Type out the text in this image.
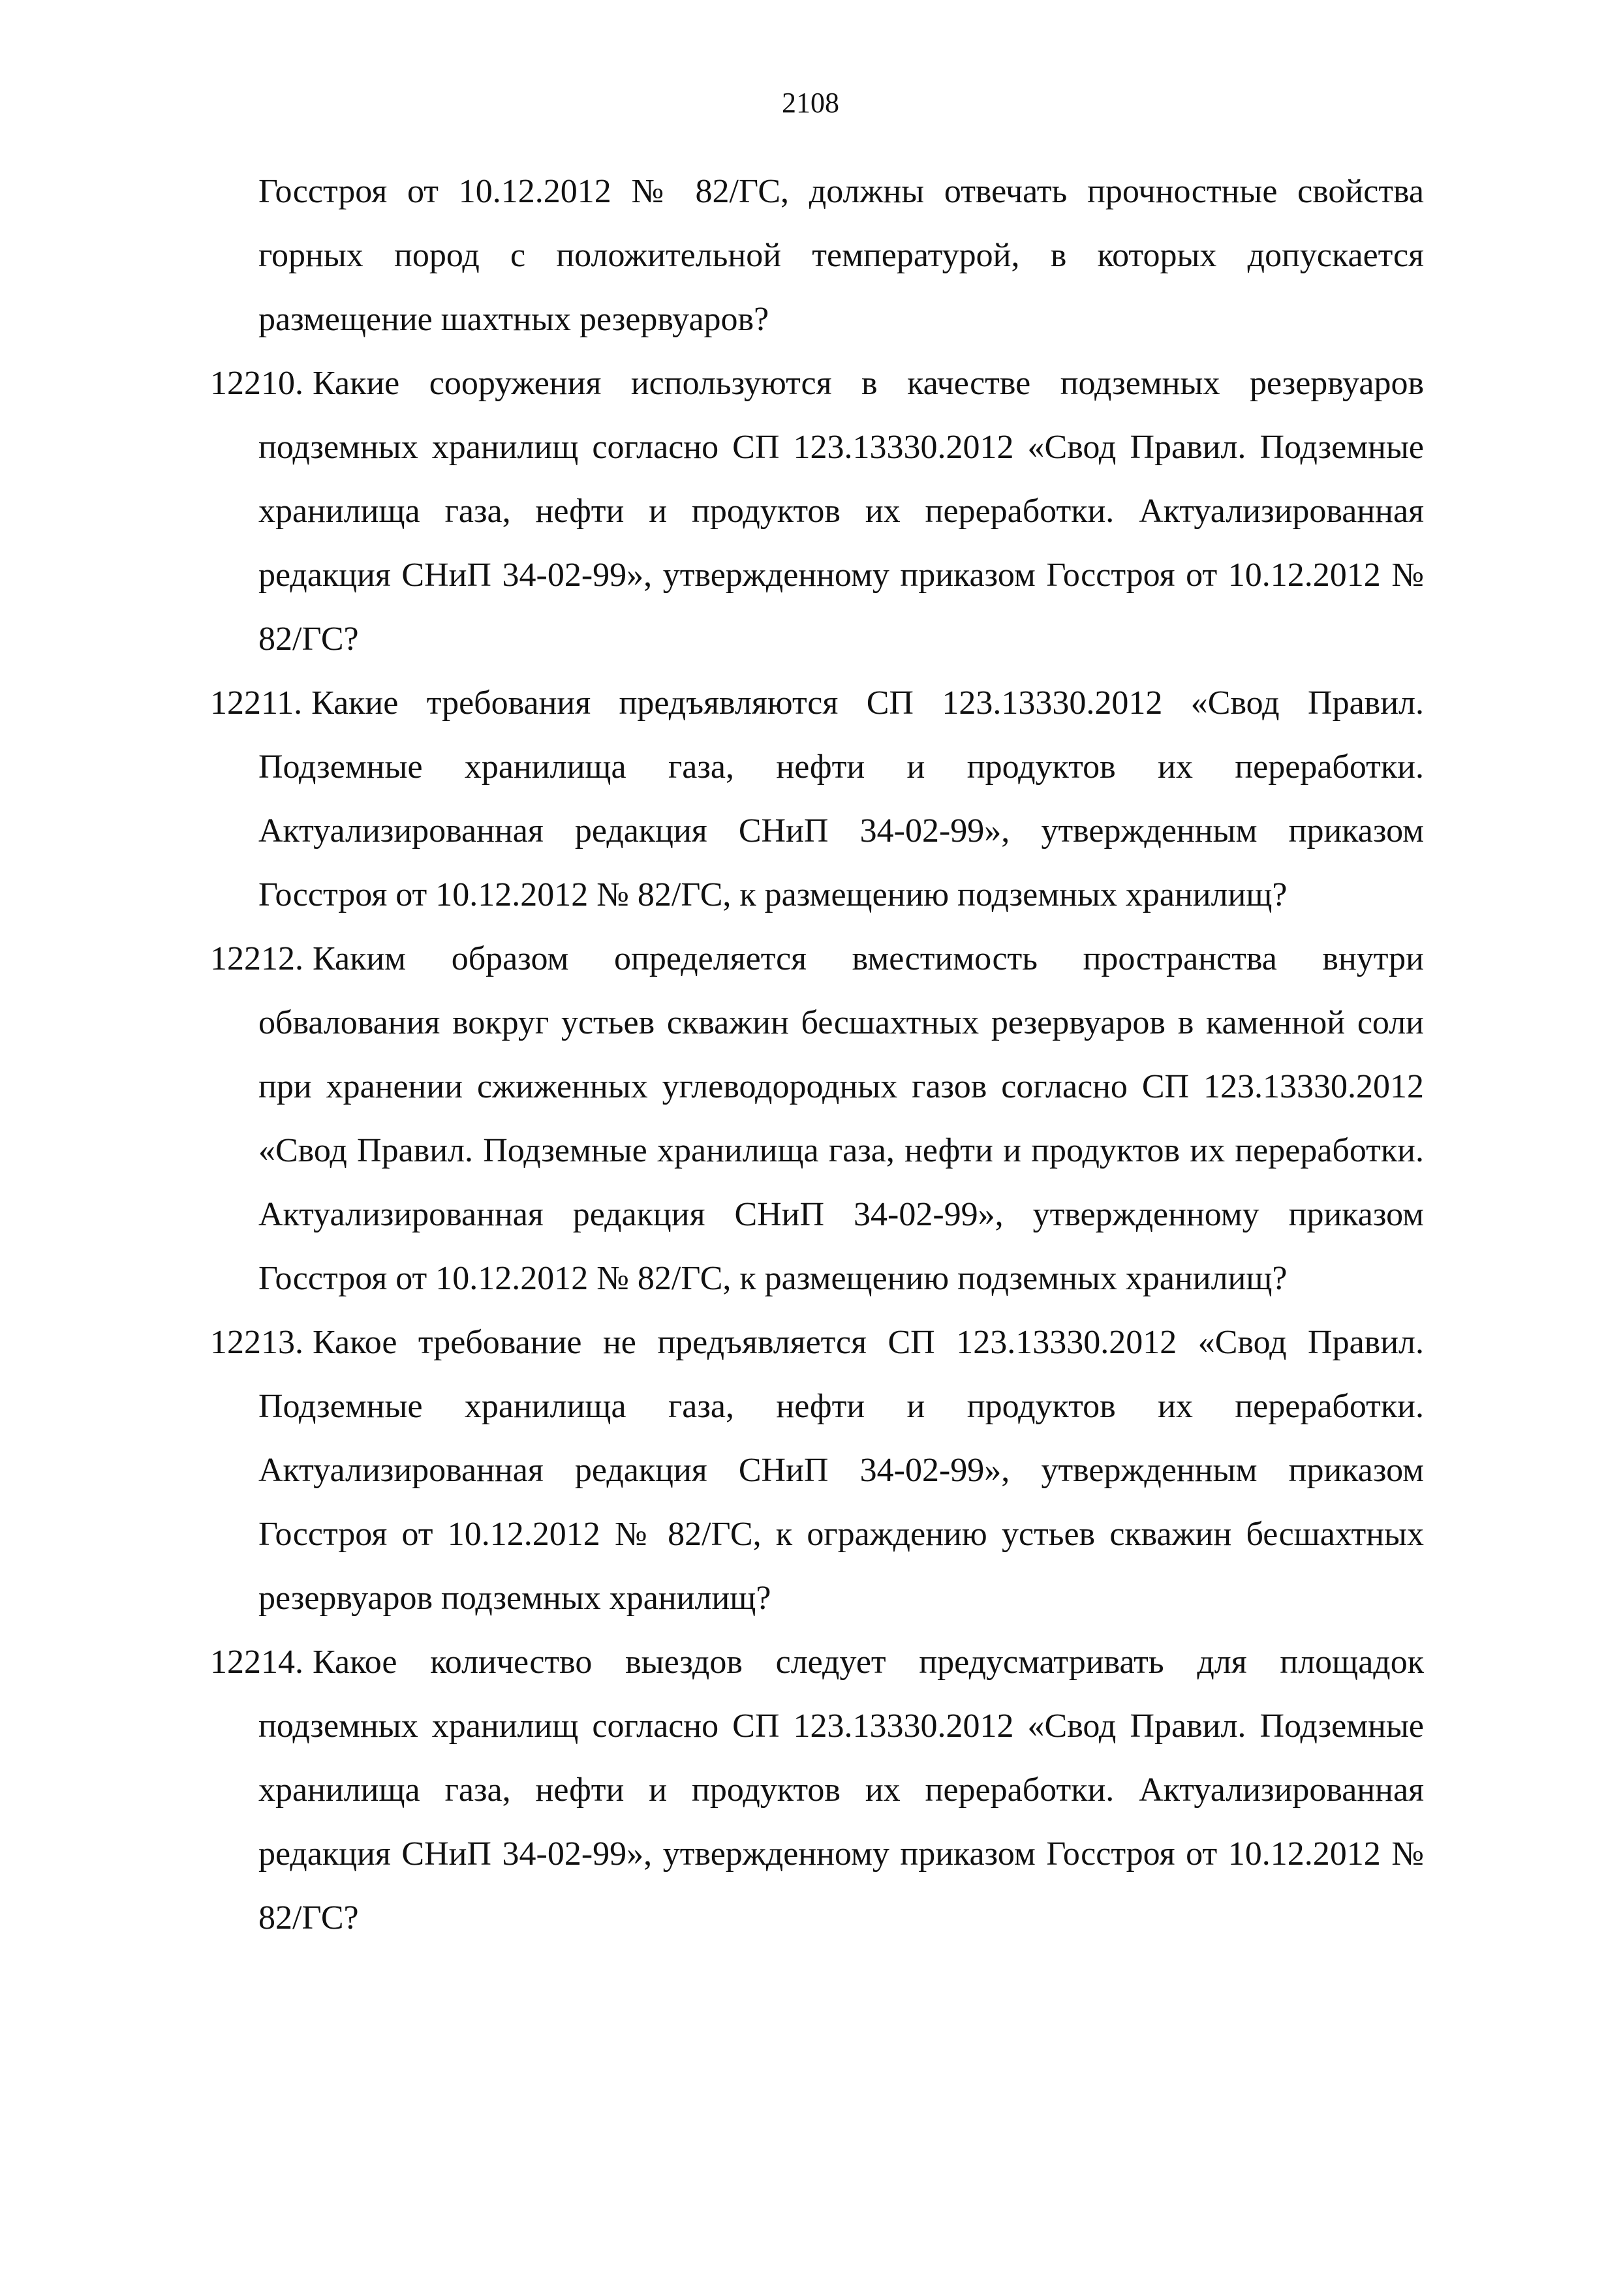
2108
Госстроя от 10.12.2012 № 82/ГС, должны отвечать прочностные свойства горных пород с положительной температурой, в которых допускается размещение шахтных резервуаров?
12210. Какие сооружения используются в качестве подземных резервуаров подземных хранилищ согласно СП 123.13330.2012 «Свод Правил. Подземные хранилища газа, нефти и продуктов их переработки. Актуализированная редакция СНиП 34-02-99», утвержденному приказом Госстроя от 10.12.2012 № 82/ГС?
12211. Какие требования предъявляются СП 123.13330.2012 «Свод Правил. Подземные хранилища газа, нефти и продуктов их переработки. Актуализированная редакция СНиП 34-02-99», утвержденным приказом Госстроя от 10.12.2012 № 82/ГС, к размещению подземных хранилищ?
12212. Каким образом определяется вместимость пространства внутри обвалования вокруг устьев скважин бесшахтных резервуаров в каменной соли при хранении сжиженных углеводородных газов согласно СП 123.13330.2012 «Свод Правил. Подземные хранилища газа, нефти и продуктов их переработки. Актуализированная редакция СНиП 34-02-99», утвержденному приказом Госстроя от 10.12.2012 № 82/ГС, к размещению подземных хранилищ?
12213. Какое требование не предъявляется СП 123.13330.2012 «Свод Правил. Подземные хранилища газа, нефти и продуктов их переработки. Актуализированная редакция СНиП 34-02-99», утвержденным приказом Госстроя от 10.12.2012 № 82/ГС, к ограждению устьев скважин бесшахтных резервуаров подземных хранилищ?
12214. Какое количество выездов следует предусматривать для площадок подземных хранилищ согласно СП 123.13330.2012 «Свод Правил. Подземные хранилища газа, нефти и продуктов их переработки. Актуализированная редакция СНиП 34-02-99», утвержденному приказом Госстроя от 10.12.2012 № 82/ГС?
